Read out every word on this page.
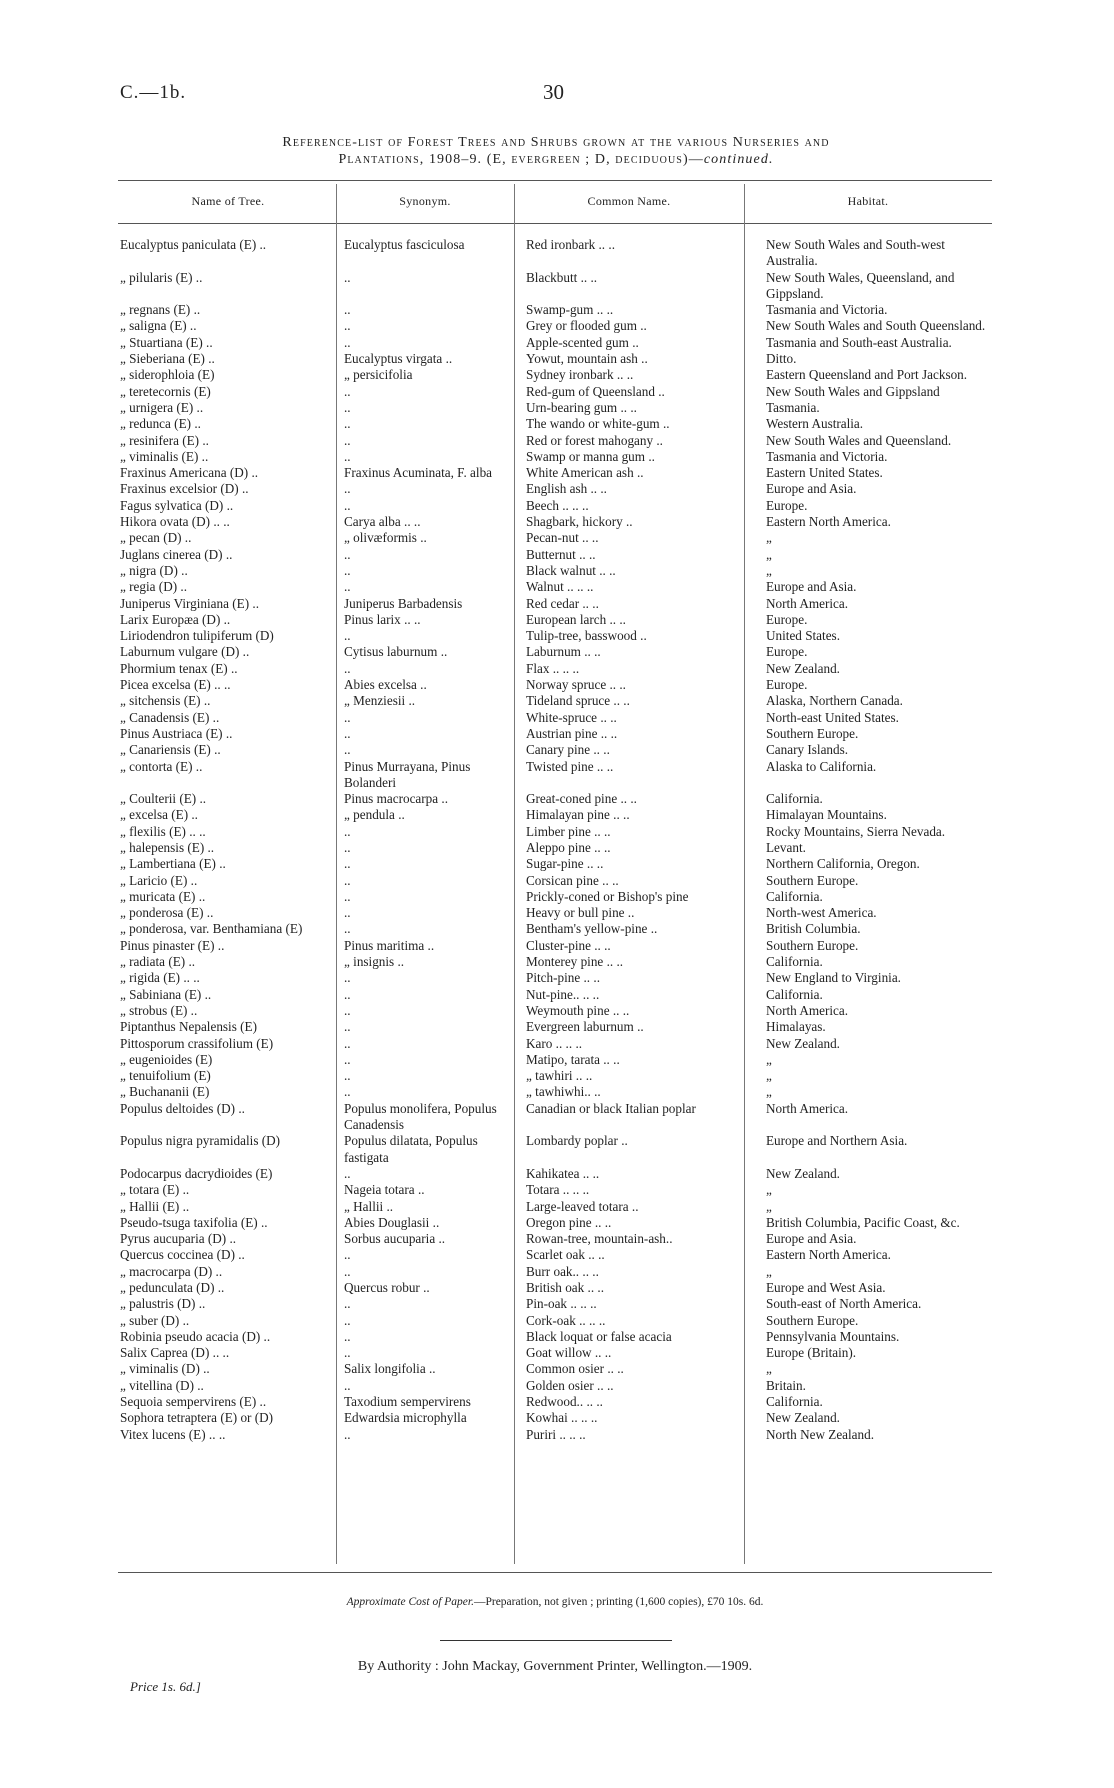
C.—1b.	30
Reference-list of Forest Trees and Shrubs grown at the various Nurseries and
Plantations, 1908–9. (E, evergreen ; D, deciduous)—continued.
Name of Tree.	Synonym.	Common Name.	Habitat.
Eucalyptus paniculata (E) ..	Eucalyptus fasciculosa	Red ironbark .. ..	New South Wales and South-west Australia.
„ pilularis (E) ..	..	Blackbutt .. ..	New South Wales, Queensland, and Gippsland.
„ regnans (E) ..	..	Swamp-gum .. ..	Tasmania and Victoria.
„ saligna (E) ..	..	Grey or flooded gum ..	New South Wales and South Queensland.
„ Stuartiana (E) ..	..	Apple-scented gum ..	Tasmania and South-east Australia.
„ Sieberiana (E) ..	Eucalyptus virgata ..	Yowut, mountain ash ..	Ditto.
„ siderophloia (E)	„ persicifolia	Sydney ironbark .. ..	Eastern Queensland and Port Jackson.
„ teretecornis (E)	..	Red-gum of Queensland ..	New South Wales and Gippsland
„ urnigera (E) ..	..	Urn-bearing gum .. ..	Tasmania.
„ redunca (E) ..	..	The wando or white-gum ..	Western Australia.
„ resinifera (E) ..	..	Red or forest mahogany ..	New South Wales and Queensland.
„ viminalis (E) ..	..	Swamp or manna gum ..	Tasmania and Victoria.
Fraxinus Americana (D) ..	Fraxinus Acuminata, F. alba	White American ash ..	Eastern United States.
Fraxinus excelsior (D) ..	..	English ash .. ..	Europe and Asia.
Fagus sylvatica (D) ..	..	Beech .. .. ..	Europe.
Hikora ovata (D) .. ..	Carya alba .. ..	Shagbark, hickory ..	Eastern North America.
„ pecan (D) ..	„ olivæformis ..	Pecan-nut .. ..	„
Juglans cinerea (D) ..	..	Butternut .. ..	„
„ nigra (D) ..	..	Black walnut .. ..	„
„ regia (D) ..	..	Walnut .. .. ..	Europe and Asia.
Juniperus Virginiana (E) ..	Juniperus Barbadensis	Red cedar .. ..	North America.
Larix Europæa (D) ..	Pinus larix .. ..	European larch .. ..	Europe.
Liriodendron tulipiferum (D)	..	Tulip-tree, basswood ..	United States.
Laburnum vulgare (D) ..	Cytisus laburnum ..	Laburnum .. ..	Europe.
Phormium tenax (E) ..	..	Flax .. .. ..	New Zealand.
Picea excelsa (E) .. ..	Abies excelsa ..	Norway spruce .. ..	Europe.
„ sitchensis (E) ..	„ Menziesii ..	Tideland spruce .. ..	Alaska, Northern Canada.
„ Canadensis (E) ..	..	White-spruce .. ..	North-east United States.
Pinus Austriaca (E) ..	..	Austrian pine .. ..	Southern Europe.
„ Canariensis (E) ..	..	Canary pine .. ..	Canary Islands.
„ contorta (E) ..	Pinus Murrayana, Pinus Bolanderi	Twisted pine .. ..	Alaska to California.
„ Coulterii (E) ..	Pinus macrocarpa ..	Great-coned pine .. ..	California.
„ excelsa (E) ..	„ pendula ..	Himalayan pine .. ..	Himalayan Mountains.
„ flexilis (E) .. ..	..	Limber pine .. ..	Rocky Mountains, Sierra Nevada.
„ halepensis (E) ..	..	Aleppo pine .. ..	Levant.
„ Lambertiana (E) ..	..	Sugar-pine .. ..	Northern California, Oregon.
„ Laricio (E) ..	..	Corsican pine .. ..	Southern Europe.
„ muricata (E) ..	..	Prickly-coned or Bishop's pine	California.
„ ponderosa (E) ..	..	Heavy or bull pine ..	North-west America.
„ ponderosa, var. Benthamiana (E)	..	Bentham's yellow-pine ..	British Columbia.
Pinus pinaster (E) ..	Pinus maritima ..	Cluster-pine .. ..	Southern Europe.
„ radiata (E) ..	„ insignis ..	Monterey pine .. ..	California.
„ rigida (E) .. ..	..	Pitch-pine .. ..	New England to Virginia.
„ Sabiniana (E) ..	..	Nut-pine.. .. ..	California.
„ strobus (E) ..	..	Weymouth pine .. ..	North America.
Piptanthus Nepalensis (E)	..	Evergreen laburnum ..	Himalayas.
Pittosporum crassifolium (E)	..	Karo .. .. ..	New Zealand.
„ eugenioides (E)	..	Matipo, tarata .. ..	„
„ tenuifolium (E)	..	„ tawhiri .. ..	„
„ Buchananii (E)	..	„ tawhiwhi.. ..	„
Populus deltoides (D) ..	Populus monolifera, Populus Canadensis	Canadian or black Italian poplar	North America.
Populus nigra pyramidalis (D)	Populus dilatata, Populus fastigata	Lombardy poplar ..	Europe and Northern Asia.
Podocarpus dacrydioides (E)	..	Kahikatea .. ..	New Zealand.
„ totara (E) ..	Nageia totara ..	Totara .. .. ..	„
„ Hallii (E) ..	„ Hallii ..	Large-leaved totara ..	„
Pseudo-tsuga taxifolia (E) ..	Abies Douglasii ..	Oregon pine .. ..	British Columbia, Pacific Coast, &c.
Pyrus aucuparia (D) ..	Sorbus aucuparia ..	Rowan-tree, mountain-ash..	Europe and Asia.
Quercus coccinea (D) ..	..	Scarlet oak .. ..	Eastern North America.
„ macrocarpa (D) ..	..	Burr oak.. .. ..	„
„ pedunculata (D) ..	Quercus robur ..	British oak .. ..	Europe and West Asia.
„ palustris (D) ..	..	Pin-oak .. .. ..	South-east of North America.
„ suber (D) ..	..	Cork-oak .. .. ..	Southern Europe.
Robinia pseudo acacia (D) ..	..	Black loquat or false acacia	Pennsylvania Mountains.
Salix Caprea (D) .. ..	..	Goat willow .. ..	Europe (Britain).
„ viminalis (D) ..	Salix longifolia ..	Common osier .. ..	„
„ vitellina (D) ..	..	Golden osier .. ..	Britain.
Sequoia sempervirens (E) ..	Taxodium sempervirens	Redwood.. .. ..	California.
Sophora tetraptera (E) or (D)	Edwardsia microphylla	Kowhai .. .. ..	New Zealand.
Vitex lucens (E) .. ..	..	Puriri .. .. ..	North New Zealand.
Approximate Cost of Paper.—Preparation, not given ; printing (1,600 copies), £70 10s. 6d.
By Authority : John Mackay, Government Printer, Wellington.—1909.
Price 1s. 6d.]
